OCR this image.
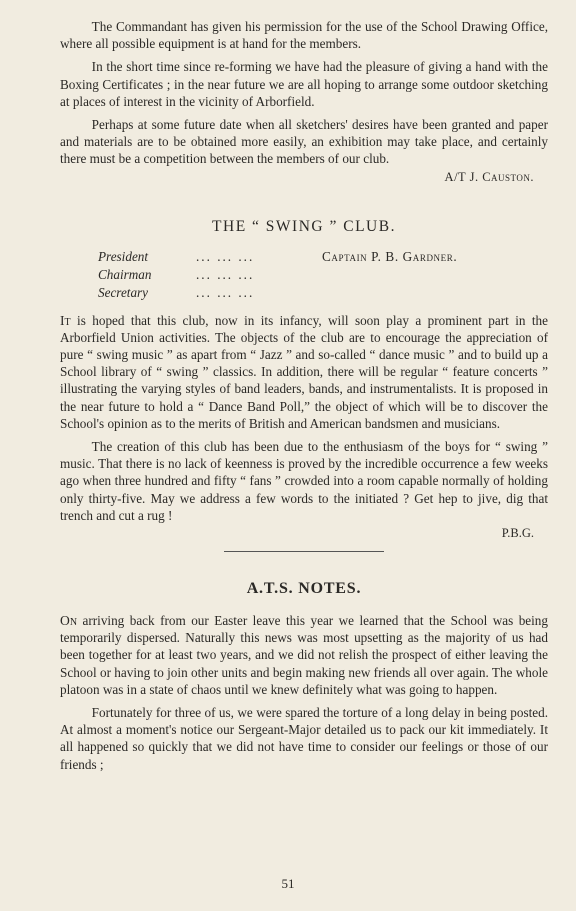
The Commandant has given his permission for the use of the School Drawing Office, where all possible equipment is at hand for the members.

In the short time since re-forming we have had the pleasure of giving a hand with the Boxing Certificates ; in the near future we are all hoping to arrange some outdoor sketching at places of interest in the vicinity of Arborfield.

Perhaps at some future date when all sketchers' desires have been granted and paper and materials are to be obtained more easily, an exhibition may take place, and certainly there must be a competition between the members of our club.

A/T J. Causton.
THE “ SWING ” CLUB.
President	... ... ...	Captain P. B. Gardner.
Chairman	... ... ...
Secretary	... ... ...

It is hoped that this club, now in its infancy, will soon play a prominent part in the Arborfield Union activities. The objects of the club are to encourage the appreciation of pure “ swing music ” as apart from “ Jazz ” and so-called “ dance music ” and to build up a School library of “ swing ” classics. In addition, there will be regular “ feature concerts ” illustrating the varying styles of band leaders, bands, and instrumentalists. It is proposed in the near future to hold a “ Dance Band Poll,” the object of which will be to discover the School's opinion as to the merits of British and American bandsmen and musicians.

The creation of this club has been due to the enthusiasm of the boys for “ swing ” music. That there is no lack of keenness is proved by the incredible occurrence a few weeks ago when three hundred and fifty “ fans ” crowded into a room capable normally of holding only thirty-five. May we address a few words to the initiated ? Get hep to jive, dig that trench and cut a rug !

P.B.G.
A.T.S. NOTES.

On arriving back from our Easter leave this year we learned that the School was being temporarily dispersed. Naturally this news was most upsetting as the majority of us had been together for at least two years, and we did not relish the prospect of either leaving the School or having to join other units and begin making new friends all over again. The whole platoon was in a state of chaos until we knew definitely what was going to happen.

Fortunately for three of us, we were spared the torture of a long delay in being posted. At almost a moment's notice our Sergeant-Major detailed us to pack our kit immediately. It all happened so quickly that we did not have time to consider our feelings or those of our friends ;

51
